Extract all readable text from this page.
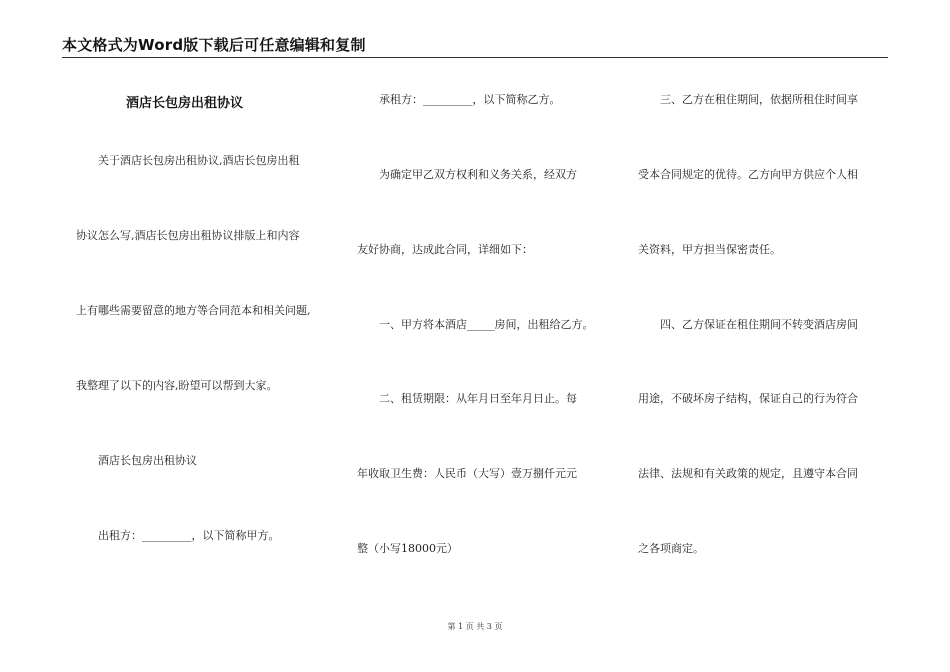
本文格式为Word版下载后可任意编辑和复制
酒店长包房出租协议
　　关于酒店长包房出租协议,酒店长包房出租
协议怎么写,酒店长包房出租协议排版上和内容
上有哪些需要留意的地方等合同范本和相关问题,
我整理了以下的内容,盼望可以帮到大家。
　　酒店长包房出租协议
　　出租方：_________，以下简称甲方。
　　承租方：_________，以下简称乙方。
　　为确定甲乙双方权利和义务关系，经双方
友好协商，达成此合同，详细如下：
　　一、甲方将本酒店_____房间，出租给乙方。
　　二、租赁期限：从年月日至年月日止。每
年收取卫生费：人民币（大写）壹万捌仟元元
整（小写18000元）
　　三、乙方在租住期间，依据所租住时间享
受本合同规定的优待。乙方向甲方供应个人相
关资料，甲方担当保密责任。
　　四、乙方保证在租住期间不转变酒店房间
用途，不破坏房子结构，保证自己的行为符合
法律、法规和有关政策的规定，且遵守本合同
之各项商定。
第 1 页 共 3 页
